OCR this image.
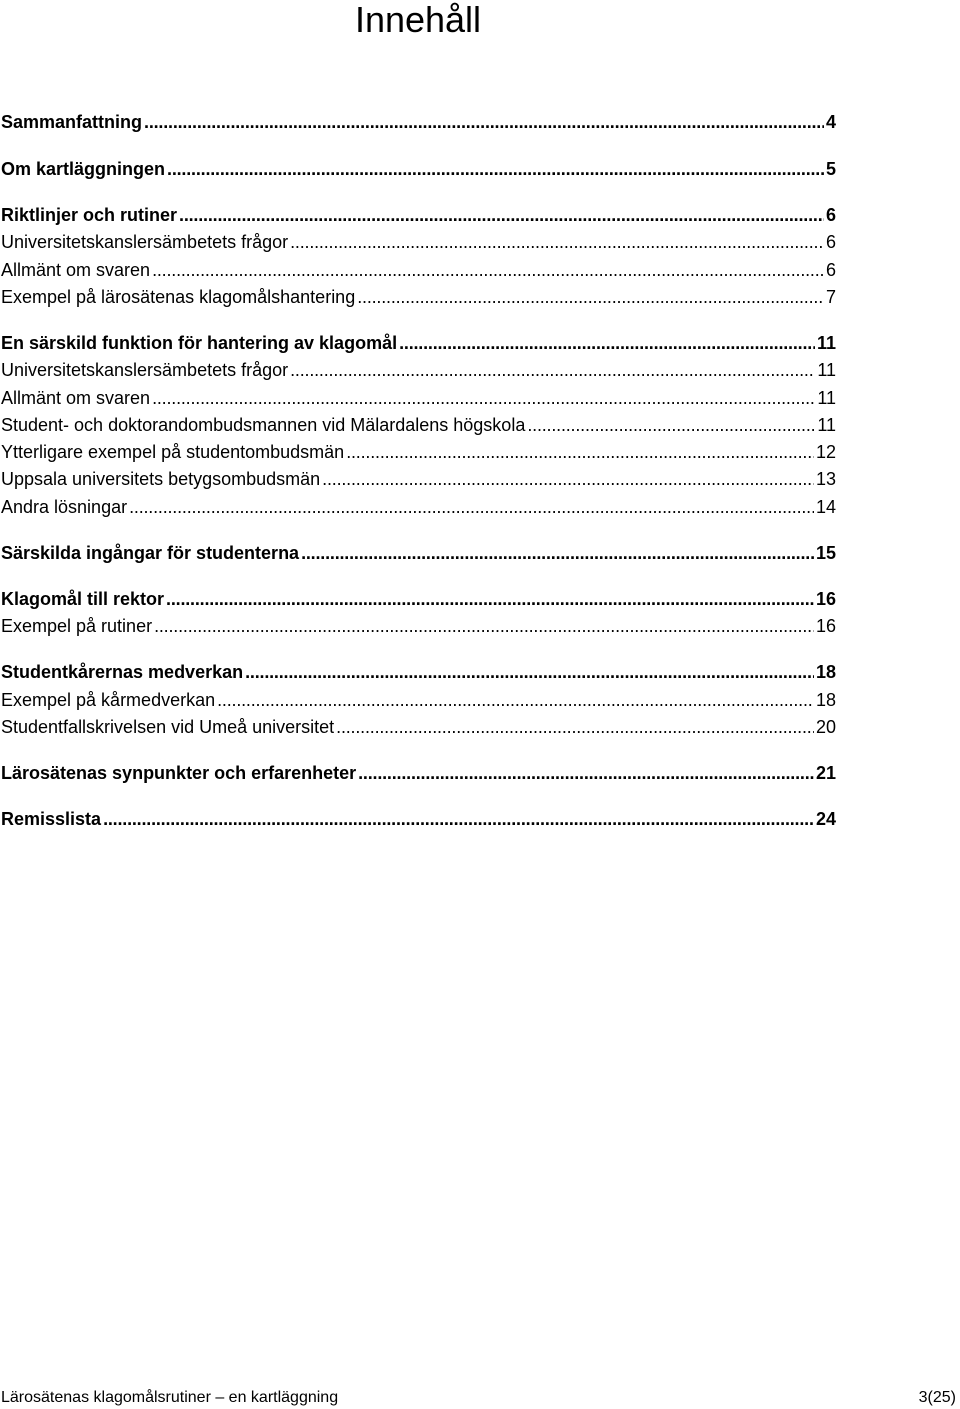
Innehåll
Sammanfattning . . .	4
Om kartläggningen . . .	5
Riktlinjer och rutiner . . .	6
Universitetskanslersämbetets frågor . . .	6
Allmänt om svaren . . .	6
Exempel på lärosätenas klagomålshantering . . .	7
En särskild funktion för hantering av klagomål . . .	11
Universitetskanslersämbetets frågor . . .	11
Allmänt om svaren . . .	11
Student- och doktorandombudsmannen vid Mälardalens högskola . . .	11
Ytterligare exempel på studentombudsmän . . .	12
Uppsala universitets betygsombudsmän . . .	13
Andra lösningar . . .	14
Särskilda ingångar för studenterna . . .	15
Klagomål till rektor . . .	16
Exempel på rutiner . . .	16
Studentkårernas medverkan . . .	18
Exempel på kårmedverkan . . .	18
Studentfallskrivelsen vid Umeå universitet . . .	20
Lärosätenas synpunkter och erfarenheter . . .	21
Remisslista . . .	24
Lärosätenas klagomålsrutiner – en kartläggning	3(25)
